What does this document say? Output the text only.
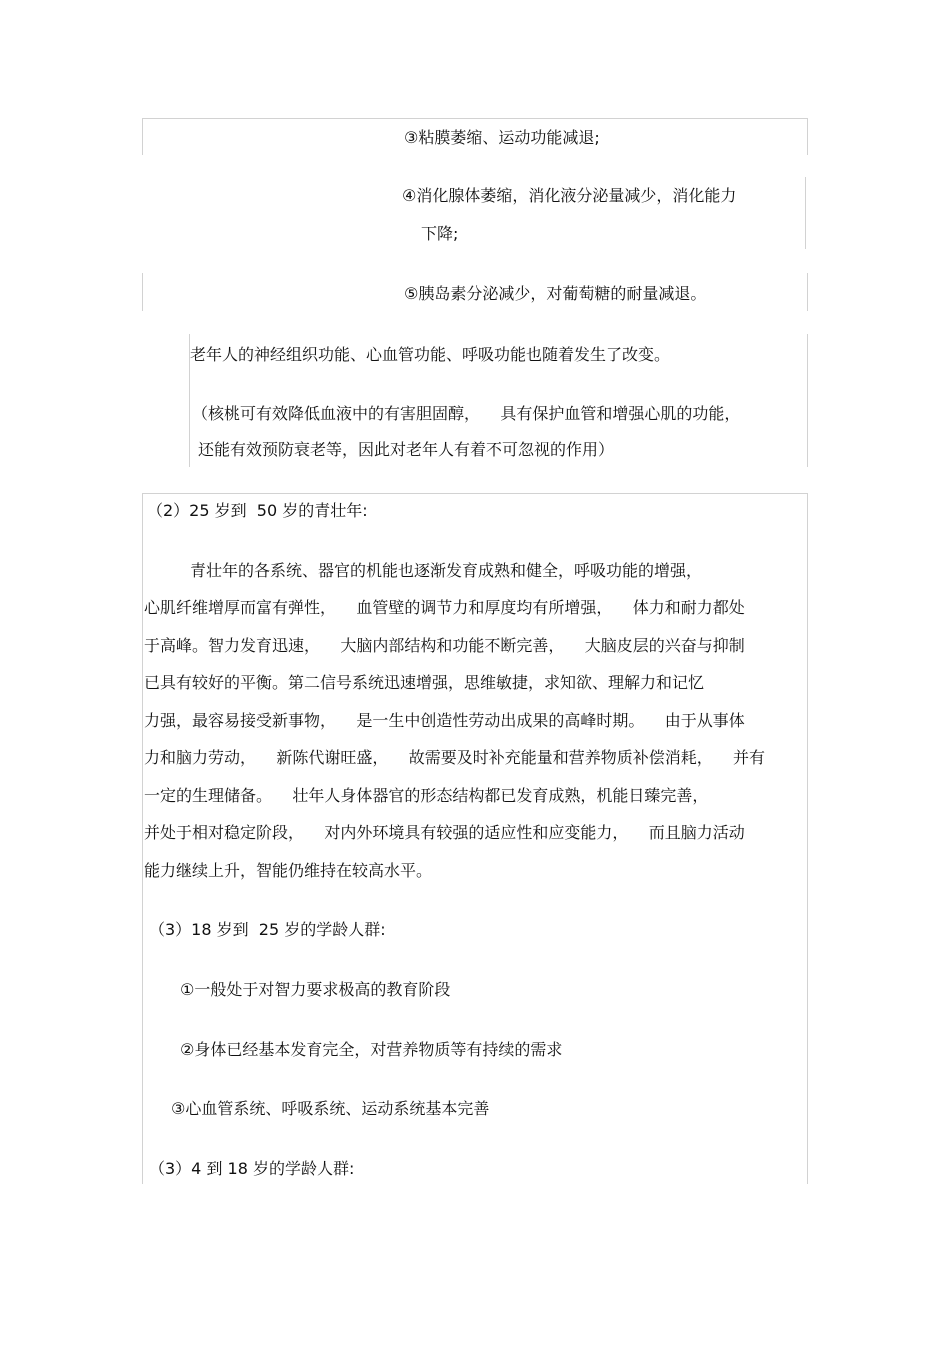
③粘膜萎缩、运动功能减退;
④消化腺体萎缩，消化液分泌量减少，消化能力
下降;
⑤胰岛素分泌减少，对葡萄糖的耐量减退。
老年人的神经组织功能、心血管功能、呼吸功能也随着发生了改变。
（核桃可有效降低血液中的有害胆固醇，    具有保护血管和增强心肌的功能，
还能有效预防衰老等，因此对老年人有着不可忽视的作用）
（2）25 岁到  50 岁的青壮年:
青壮年的各系统、器官的机能也逐渐发育成熟和健全，呼吸功能的增强，
心肌纤维增厚而富有弹性，    血管壁的调节力和厚度均有所增强，    体力和耐力都处
于高峰。智力发育迅速，    大脑内部结构和功能不断完善，    大脑皮层的兴奋与抑制
已具有较好的平衡。第二信号系统迅速增强，思维敏捷，求知欲、理解力和记忆
力强，最容易接受新事物，    是一生中创造性劳动出成果的高峰时期。    由于从事体
力和脑力劳动，    新陈代谢旺盛，    故需要及时补充能量和营养物质补偿消耗，    并有
一定的生理储备。    壮年人身体器官的形态结构都已发育成熟，机能日臻完善，
并处于相对稳定阶段，    对内外环境具有较强的适应性和应变能力，    而且脑力活动
能力继续上升，智能仍维持在较高水平。
（3）18 岁到  25 岁的学龄人群:
①一般处于对智力要求极高的教育阶段
②身体已经基本发育完全，对营养物质等有持续的需求
③心血管系统、呼吸系统、运动系统基本完善
（3）4 到 18 岁的学龄人群:
